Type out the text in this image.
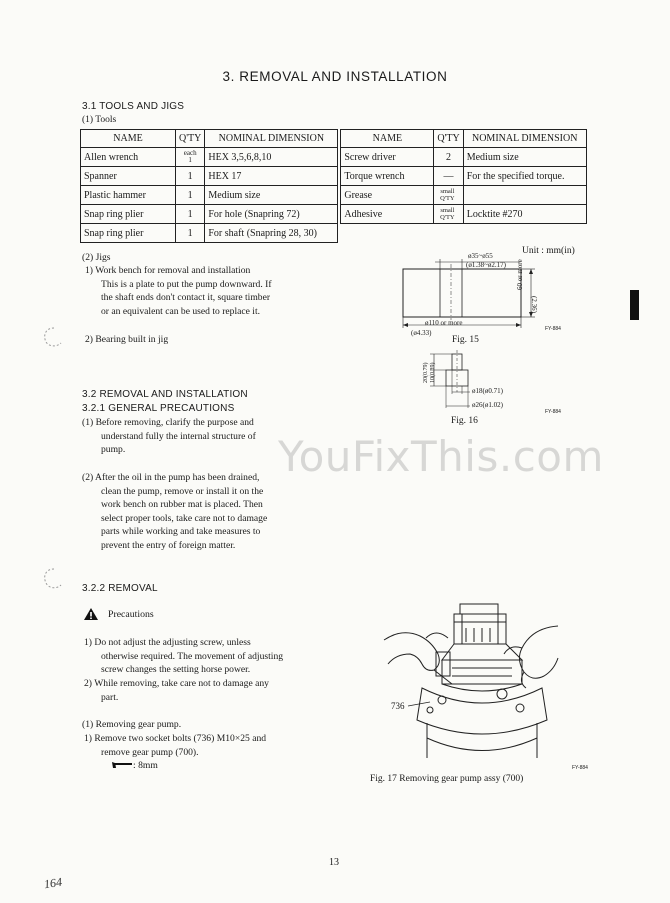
3. REMOVAL AND INSTALLATION
3.1 TOOLS AND JIGS
(1) Tools
NAME	Q'TY	NOMINAL DIMENSION		NAME	Q'TY	NOMINAL DIMENSION
Allen wrench	each 1	HEX 3,5,6,8,10		Screw driver	2	Medium size
Spanner	1	HEX 17		Torque wrench	—	For the specified torque.
Plastic hammer	1	Medium size		Grease	small Q'TY	

Snap ring plier	1	For hole (Snapring 72)		Adhesive	small Q'TY	Locktite #270
Snap ring plier	1	For shaft (Snapring 28, 30)				
Unit : mm(in)
(2) Jigs
1) Work bench for removal and installation
This is a plate to put the pump downward. If
the shaft ends don't contact it, square timber
or an equivalent can be used to replace it.
2) Bearing built in jig
ø35~ø55
(ø1.38~ø2.17)
ø110 or more
(ø4.33)
60 or more
(2.36)
Fig. 15
FY-884
20(0.79) 10(0.39)
ø18(ø0.71)
ø26(ø1.02)
Fig. 16
FY-884
3.2 REMOVAL AND INSTALLATION
3.2.1 GENERAL PRECAUTIONS
(1) Before removing, clarify the purpose and
understand fully the internal structure of
pump.
(2) After the oil in the pump has been drained,
clean the pump, remove or install it on the
work bench on rubber mat is placed. Then
select proper tools, take care not to damage
parts while working and take measures to
prevent the entry of foreign matter.
YouFixThis.com
3.2.2 REMOVAL
Precautions
1) Do not adjust the adjusting screw, unless
otherwise required. The movement of adjusting
screw changes the setting horse power.
2) While removing, take care not to damage any
part.
(1) Removing gear pump.
1) Remove two socket bolts (736) M10×25 and
remove gear pump (700).
: 8mm
736
FY-884
Fig. 17 Removing gear pump assy (700)
13
164
